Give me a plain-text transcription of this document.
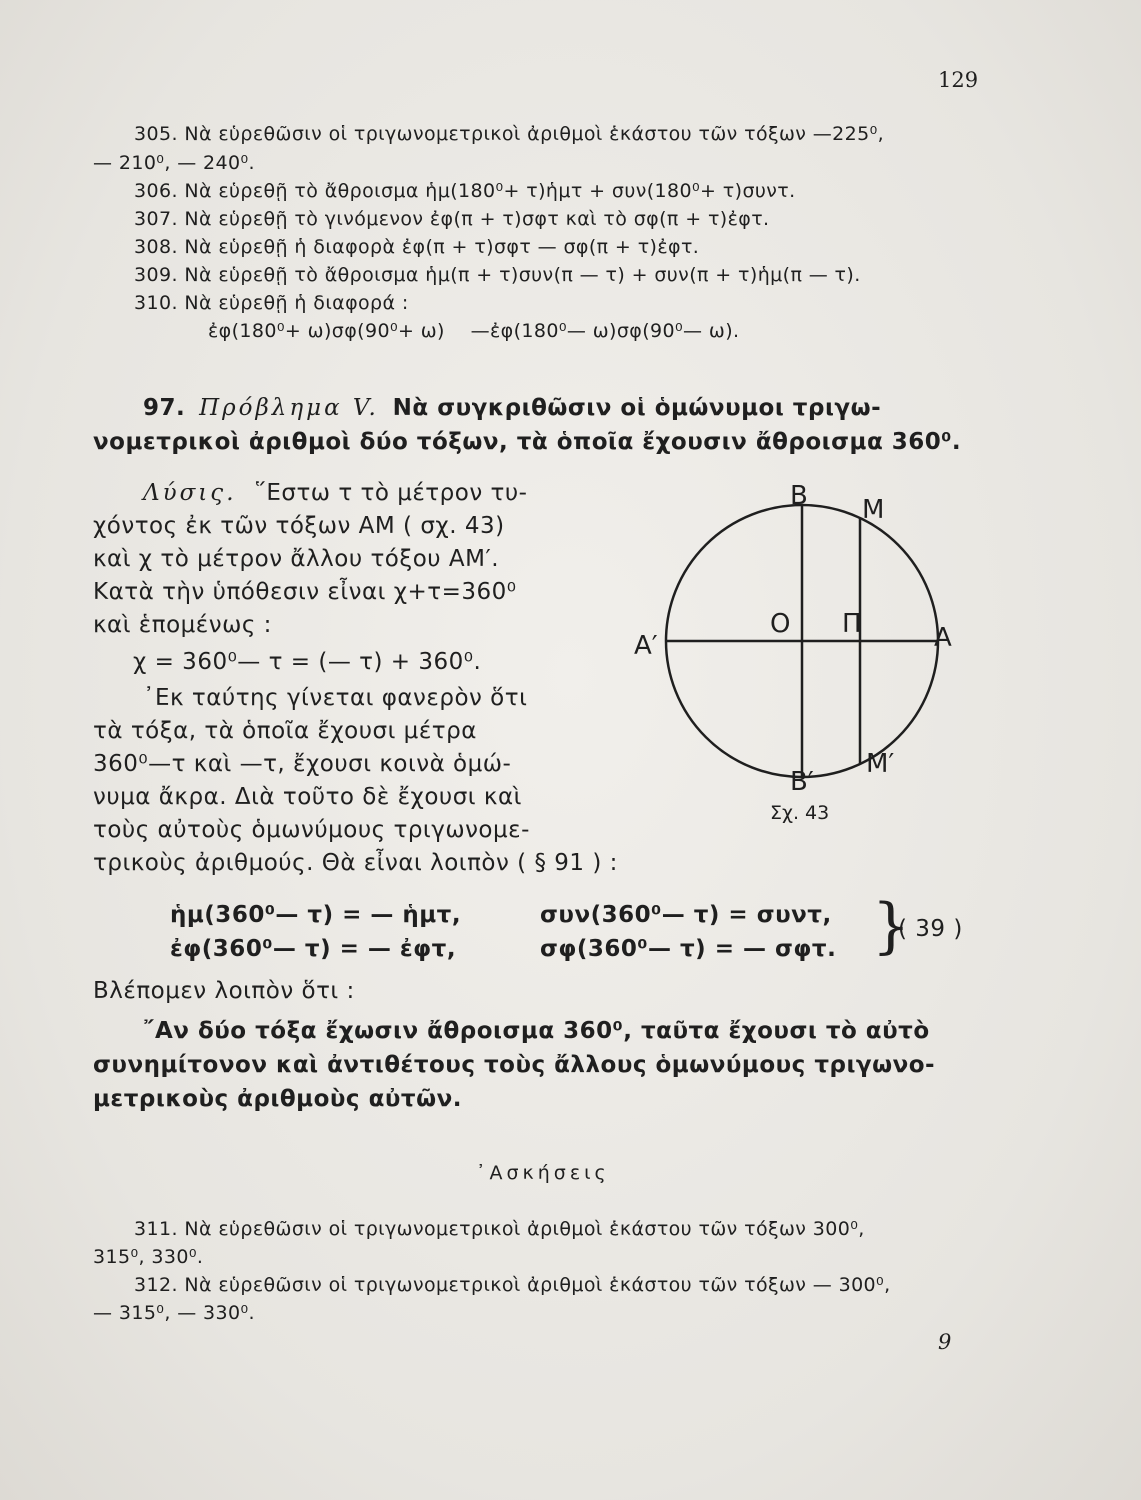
129
305. Νὰ εὑρεθῶσιν οἱ τριγωνομετρικοὶ ἀριθμοὶ ἑκάστου τῶν τόξων —225⁰,
— 210⁰, — 240⁰.
306. Νὰ εὑρεθῇ τὸ ἄθροισμα ἡμ(180⁰+ τ)ἡμτ + συν(180⁰+ τ)συντ.
307. Νὰ εὑρεθῇ τὸ γινόμενον ἐφ(π + τ)σφτ καὶ τὸ σφ(π + τ)ἐφτ.
308. Νὰ εὑρεθῇ ἡ διαφορὰ ἐφ(π + τ)σφτ — σφ(π + τ)ἐφτ.
309. Νὰ εὑρεθῇ τὸ ἄθροισμα ἡμ(π + τ)συν(π — τ) + συν(π + τ)ἡμ(π — τ).
310. Νὰ εὑρεθῇ ἡ διαφορά :
ἐφ(180⁰+ ω)σφ(90⁰+ ω)    —ἐφ(180⁰— ω)σφ(90⁰— ω).
97. Πρόβλημα V. Νὰ συγκριθῶσιν οἱ ὁμώνυμοι τριγω-
νομετρικοὶ ἀριθμοὶ δύο τόξων, τὰ ὁποῖα ἔχουσιν ἄθροισμα 360⁰.
Λύσις. ῞Εστω τ τὸ μέτρον τυ-
χόντος ἐκ τῶν τόξων ΑΜ ( σχ. 43)
καὶ χ τὸ μέτρον ἄλλου τόξου ΑΜ′.
Κατὰ τὴν ὑπόθεσιν εἶναι χ+τ=360⁰
καὶ ἑπομένως :
χ = 360⁰— τ = (— τ) + 360⁰.
᾿Εκ ταύτης γίνεται φανερὸν ὅτι
τὰ τόξα, τὰ ὁποῖα ἔχουσι μέτρα
360⁰—τ καὶ —τ, ἔχουσι κοινὰ ὁμώ-
νυμα ἄκρα. Διὰ τοῦτο δὲ ἔχουσι καὶ
τοὺς αὐτοὺς ὁμωνύμους τριγωνομε-
τρικοὺς ἀριθμούς. Θὰ εἶναι λοιπὸν ( § 91 ) :
Β Μ
Ο Π
Α′	Α
Β′
Μ′
Σχ. 43
ἡμ(360⁰— τ) = — ἡμτ,	συν(360⁰— τ) = συντ,
ἐφ(360⁰— τ) = — ἐφτ,	σφ(360⁰— τ) = — σφτ. }
( 39 )
Βλέπομεν λοιπὸν ὅτι :
῎Αν δύο τόξα ἔχωσιν ἄθροισμα 360⁰, ταῦτα ἔχουσι τὸ αὐτὸ
συνημίτονον καὶ ἀντιθέτους τοὺς ἄλλους ὁμωνύμους τριγωνο-
μετρικοὺς ἀριθμοὺς αὐτῶν.
᾿Ασκήσεις
311. Νὰ εὑρεθῶσιν οἱ τριγωνομετρικοὶ ἀριθμοὶ ἑκάστου τῶν τόξων 300⁰,
315⁰, 330⁰.
312. Νὰ εὑρεθῶσιν οἱ τριγωνομετρικοὶ ἀριθμοὶ ἑκάστου τῶν τόξων — 300⁰,
— 315⁰, — 330⁰.
9
